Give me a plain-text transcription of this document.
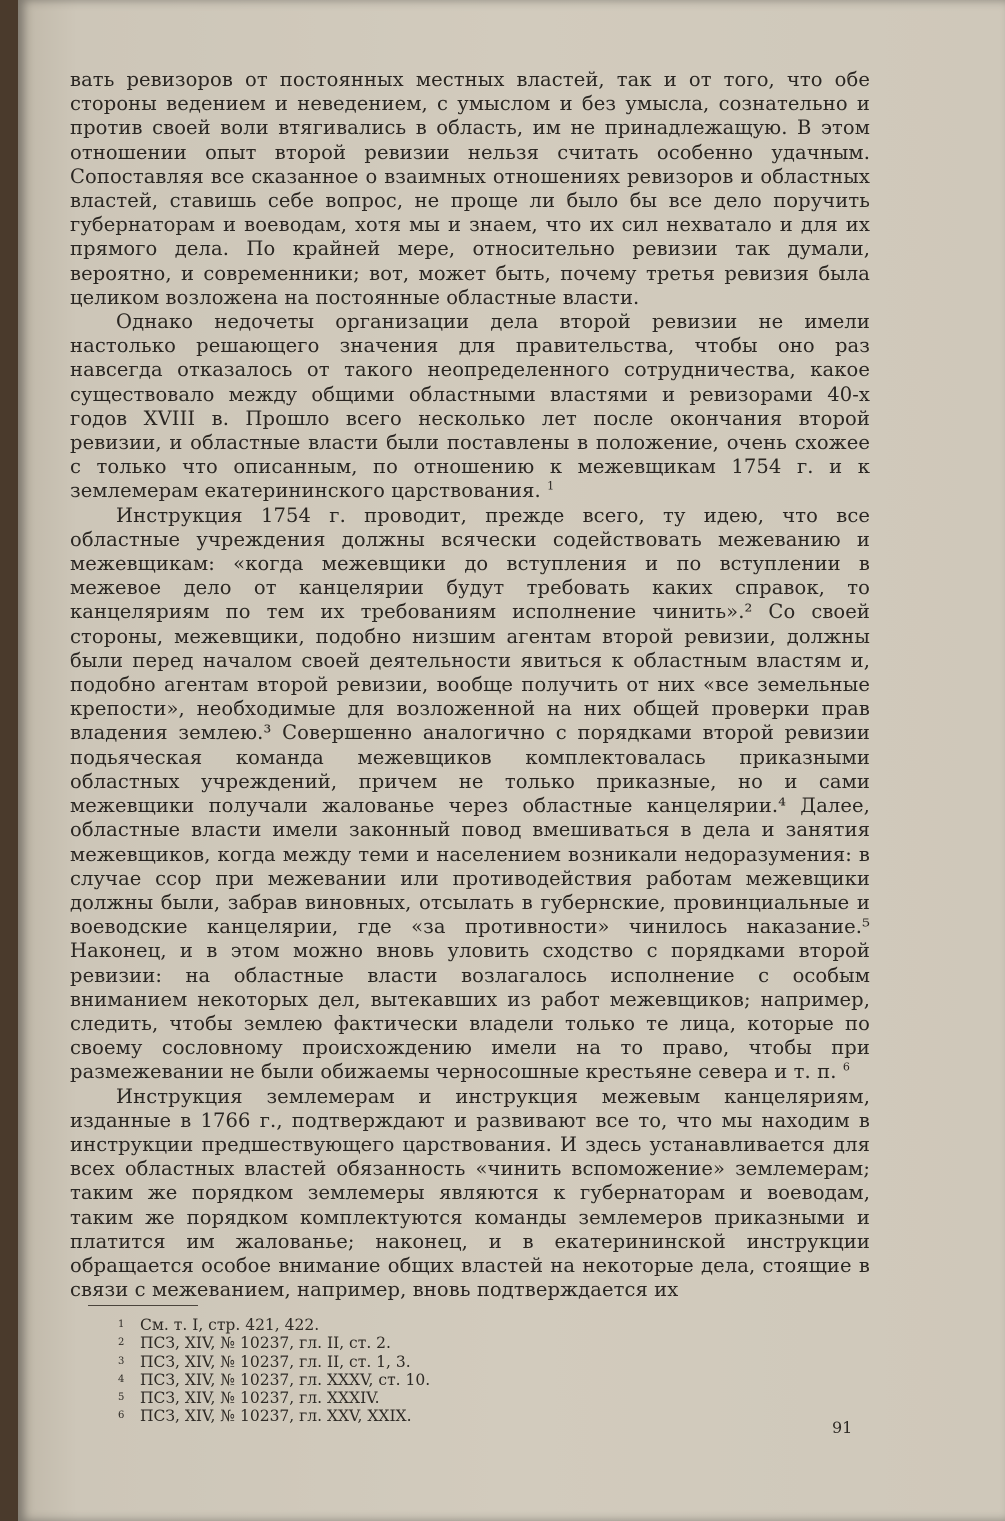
вать ревизоров от постоянных местных властей, так и от того, что обе стороны ведением и неведением, с умыслом и без умысла, сознательно и против своей воли втягивались в область, им не принадлежащую. В этом отношении опыт второй ревизии нельзя считать особенно удачным. Сопоставляя все сказанное о взаимных отношениях ревизоров и областных властей, ставишь себе вопрос, не проще ли было бы все дело поручить губернаторам и воеводам, хотя мы и знаем, что их сил нехватало и для их прямого дела. По крайней мере, относительно ревизии так думали, вероятно, и современники; вот, может быть, почему третья ревизия была целиком возложена на постоянные областные власти.

Однако недочеты организации дела второй ревизии не имели настолько решающего значения для правительства, чтобы оно раз навсегда отказалось от такого неопределенного сотрудничества, какое существовало между общими областными властями и ревизорами 40-х годов XVIII в. Прошло всего несколько лет после окончания второй ревизии, и областные власти были поставлены в положение, очень схожее с только что описанным, по отношению к межевщикам 1754 г. и к землемерам екатерининского царствования. $^1$

Инструкция 1754 г. проводит, прежде всего, ту идею, что все областные учреждения должны всячески содействовать межеванию и межевщикам: «когда межевщики до вступления и по вступлении в межевое дело от канцелярии будут требовать каких справок, то канцеляриям по тем их требованиям исполнение чинить».² Со своей стороны, межевщики, подобно низшим агентам второй ревизии, должны были перед началом своей деятельности явиться к областным властям и, подобно агентам второй ревизии, вообще получить от них «все земельные крепости», необходимые для возложенной на них общей проверки прав владения землею.³ Совершенно аналогично с порядками второй ревизии подьяческая команда межевщиков комплектовалась приказными областных учреждений, причем не только приказные, но и сами межевщики получали жалованье через областные канцелярии.⁴ Далее, областные власти имели законный повод вмешиваться в дела и занятия межевщиков, когда между теми и населением возникали недоразумения: в случае ссор при межевании или противодействия работам межевщики должны были, забрав виновных, отсылать в губернские, провинциальные и воеводские канцелярии, где «за противности» чинилось наказание.⁵ Наконец, и в этом можно вновь уловить сходство с порядками второй ревизии: на областные власти возлагалось исполнение с особым вниманием некоторых дел, вытекавших из работ межевщиков; например, следить, чтобы землею фактически владели только те лица, которые по своему сословному происхождению имели на то право, чтобы при размежевании не были обижаемы черносошные крестьяне севера и т. п. $^6$

Инструкция землемерам и инструкция межевым канцеляриям, изданные в 1766 г., подтверждают и развивают все то, что мы находим в инструкции предшествующего царствования. И здесь устанавливается для всех областных властей обязанность «чинить вспоможение» землемерам; таким же порядком землемеры являются к губернаторам и воеводам, таким же порядком комплектуются команды землемеров приказными и платится им жалованье; наконец, и в екатерининской инструкции обращается особое внимание общих властей на некоторые дела, стоящие в связи с межеванием, например, вновь подтверждается их

1 См. т. I, стр. 421, 422.
2 ПСЗ, XIV, № 10237, гл. II, ст. 2.
3 ПСЗ, XIV, № 10237, гл. II, ст. 1, 3.
4 ПСЗ, XIV, № 10237, гл. XXXV, ст. 10.
5 ПСЗ, XIV, № 10237, гл. XXXIV.
6 ПСЗ, XIV, № 10237, гл. XXV, XXIX.
91
